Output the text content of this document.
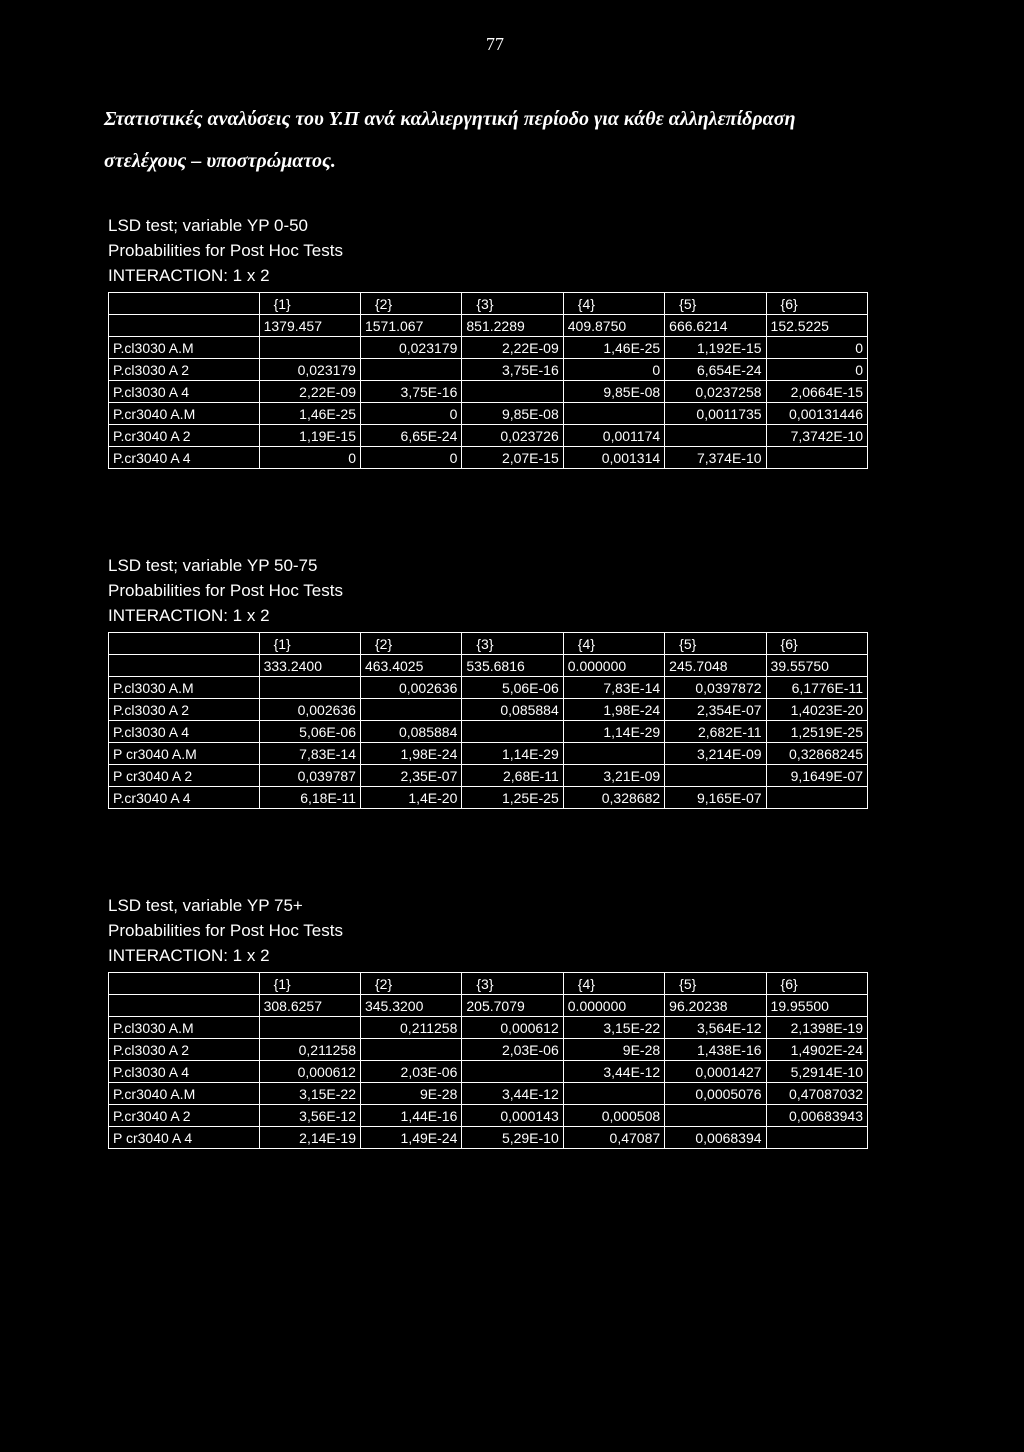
77
Στατιστικές αναλύσεις του Υ.Π ανά καλλιεργητική περίοδο για κάθε αλληλεπίδραση
στελέχους – υποστρώματος.
LSD test; variable ΥΡ 0-50
Probabilities for Post Hoc Tests
INTERACTION: 1 x 2
	{1}	{2}	{3}	{4}	{5}	{6}
	1379.457	1571.067	851.2289	409.8750	666.6214	152.5225
P.cl3030 A.M		0,023179	2,22E-09	1,46E-25	1,192E-15	0
P.cl3030 A 2	0,023179		3,75E-16	0	6,654E-24	0
P.cl3030 A 4	2,22E-09	3,75E-16		9,85E-08	0,0237258	2,0664E-15
P.cr3040 A.M	1,46E-25	0	9,85E-08		0,0011735	0,00131446
P.cr3040 A 2	1,19E-15	6,65E-24	0,023726	0,001174		7,3742E-10
P.cr3040 A 4	0	0	2,07E-15	0,001314	7,374E-10	
LSD test; variable ΥΡ 50-75
Probabilities for Post Hoc Tests
INTERACTION: 1 x 2
	{1}	{2}	{3}	{4}	{5}	{6}
	333.2400	463.4025	535.6816	0.000000	245.7048	39.55750
P.cl3030 A.M		0,002636	5,06E-06	7,83E-14	0,0397872	6,1776E-11
P.cl3030 A 2	0,002636		0,085884	1,98E-24	2,354E-07	1,4023E-20
P.cl3030 A 4	5,06E-06	0,085884		1,14E-29	2,682E-11	1,2519E-25
P cr3040 A.M	7,83E-14	1,98E-24	1,14E-29		3,214E-09	0,32868245
P cr3040 A 2	0,039787	2,35E-07	2,68E-11	3,21E-09		9,1649E-07
P.cr3040 A 4	6,18E-11	1,4E-20	1,25E-25	0,328682	9,165E-07	
LSD test, variable ΥΡ 75+
Probabilities for Post Hoc Tests
INTERACTION: 1 x 2
	{1}	{2}	{3}	{4}	{5}	{6}
	308.6257	345.3200	205.7079	0.000000	96.20238	19.95500
P.cl3030 A.M		0,211258	0,000612	3,15E-22	3,564E-12	2,1398E-19
P.cl3030 A 2	0,211258		2,03E-06	9E-28	1,438E-16	1,4902E-24
P.cl3030 A 4	0,000612	2,03E-06		3,44E-12	0,0001427	5,2914E-10
P.cr3040 A.M	3,15E-22	9E-28	3,44E-12		0,0005076	0,47087032
P.cr3040 A 2	3,56E-12	1,44E-16	0,000143	0,000508		0,00683943
P cr3040 A 4	2,14E-19	1,49E-24	5,29E-10	0,47087	0,0068394	
